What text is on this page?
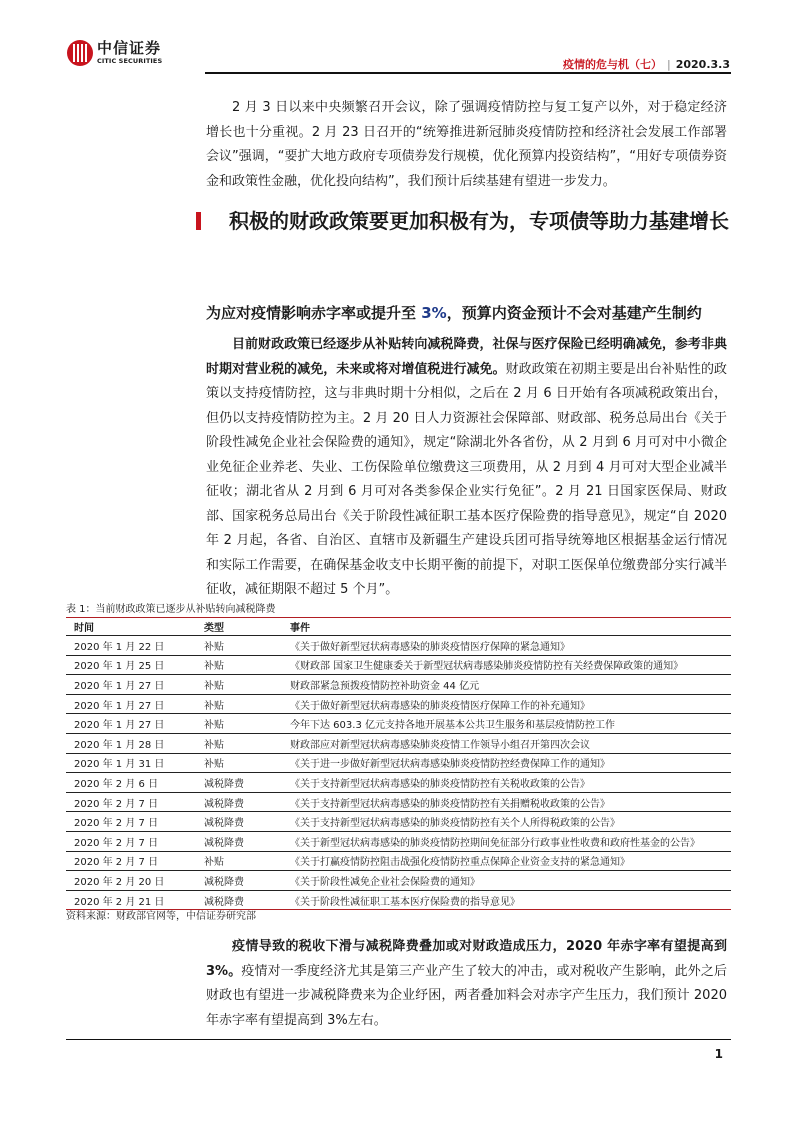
中信证券
CITIC SECURITIES	疫情的危与机（七） | 2020.3.3

2 月 3 日以来中央频繁召开会议，除了强调疫情防控与复工复产以外，对于稳定经济增长也十分重视。2 月 23 日召开的“统筹推进新冠肺炎疫情防控和经济社会发展工作部署会议”强调，“要扩大地方政府专项债券发行规模，优化预算内投资结构”，“用好专项债券资金和政策性金融，优化投向结构”，我们预计后续基建有望进一步发力。

积极的财政政策要更加积极有为，专项债等助力基建增长
为应对疫情影响赤字率或提升至 3%，预算内资金预计不会对基建产生制约

目前财政政策已经逐步从补贴转向减税降费，社保与医疗保险已经明确减免，参考非典时期对营业税的减免，未来或将对增值税进行减免。财政政策在初期主要是出台补贴性的政策以支持疫情防控，这与非典时期十分相似，之后在 2 月 6 日开始有各项减税政策出台，但仍以支持疫情防控为主。2 月 20 日人力资源社会保障部、财政部、税务总局出台《关于阶段性减免企业社会保险费的通知》，规定“除湖北外各省份，从 2 月到 6 月可对中小微企业免征企业养老、失业、工伤保险单位缴费这三项费用，从 2 月到 4 月可对大型企业减半征收；湖北省从 2 月到 6 月可对各类参保企业实行免征”。2 月 21 日国家医保局、财政部、国家税务总局出台《关于阶段性减征职工基本医疗保险费的指导意见》，规定“自 2020 年 2 月起，各省、自治区、直辖市及新疆生产建设兵团可指导统筹地区根据基金运行情况和实际工作需要，在确保基金收支中长期平衡的前提下，对职工医保单位缴费部分实行减半征收，减征期限不超过 5 个月”。

表 1：当前财政政策已逐步从补贴转向减税降费
时间	类型	事件
2020 年 1 月 22 日	补贴	《关于做好新型冠状病毒感染的肺炎疫情医疗保障的紧急通知》
2020 年 1 月 25 日	补贴	《财政部 国家卫生健康委关于新型冠状病毒感染肺炎疫情防控有关经费保障政策的通知》
2020 年 1 月 27 日	补贴	财政部紧急预拨疫情防控补助资金 44 亿元
2020 年 1 月 27 日	补贴	《关于做好新型冠状病毒感染的肺炎疫情医疗保障工作的补充通知》
2020 年 1 月 27 日	补贴	今年下达 603.3 亿元支持各地开展基本公共卫生服务和基层疫情防控工作
2020 年 1 月 28 日	补贴	财政部应对新型冠状病毒感染肺炎疫情工作领导小组召开第四次会议
2020 年 1 月 31 日	补贴	《关于进一步做好新型冠状病毒感染肺炎疫情防控经费保障工作的通知》
2020 年 2 月 6 日	减税降费	《关于支持新型冠状病毒感染的肺炎疫情防控有关税收政策的公告》
2020 年 2 月 7 日	减税降费	《关于支持新型冠状病毒感染的肺炎疫情防控有关捐赠税收政策的公告》
2020 年 2 月 7 日	减税降费	《关于支持新型冠状病毒感染的肺炎疫情防控有关个人所得税政策的公告》
2020 年 2 月 7 日	减税降费	《关于新型冠状病毒感染的肺炎疫情防控期间免征部分行政事业性收费和政府性基金的公告》
2020 年 2 月 7 日	补贴	《关于打赢疫情防控阻击战强化疫情防控重点保障企业资金支持的紧急通知》
2020 年 2 月 20 日	减税降费	《关于阶段性减免企业社会保险费的通知》
2020 年 2 月 21 日	减税降费	《关于阶段性减征职工基本医疗保险费的指导意见》
资料来源：财政部官网等，中信证券研究部

疫情导致的税收下滑与减税降费叠加或对财政造成压力，2020 年赤字率有望提高到 3%。疫情对一季度经济尤其是第三产业产生了较大的冲击，或对税收产生影响，此外之后财政也有望进一步减税降费来为企业纾困，两者叠加料会对赤字产生压力，我们预计 2020 年赤字率有望提高到 3%左右。

1
